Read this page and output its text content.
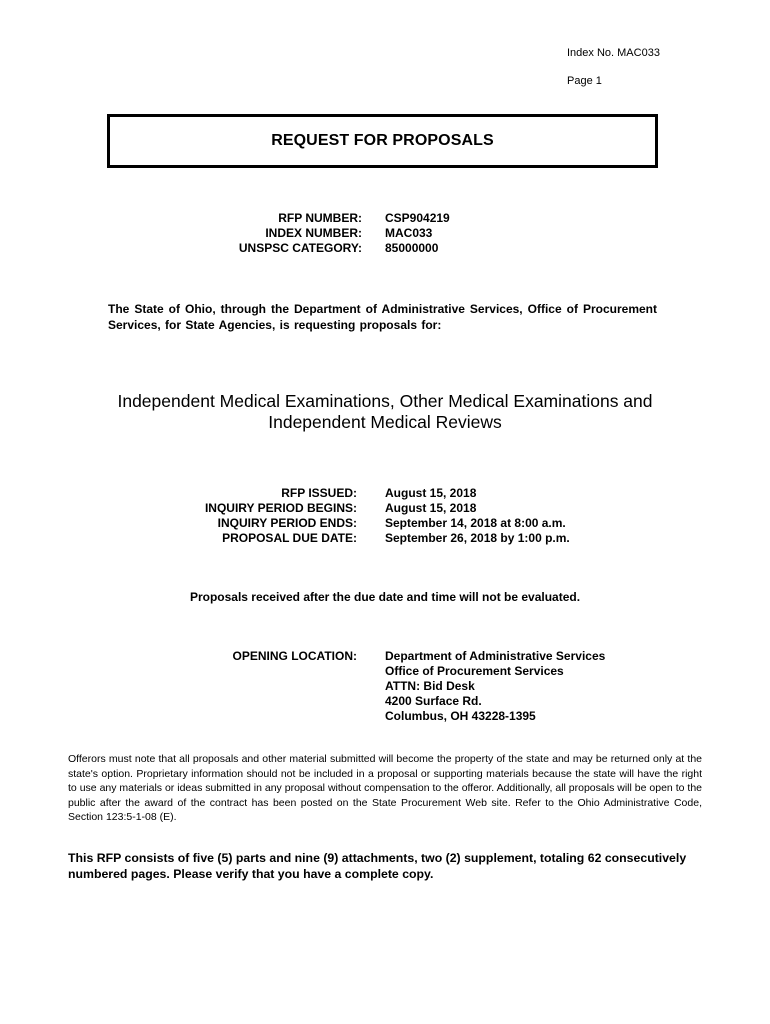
Index No. MAC033
Page 1
REQUEST FOR PROPOSALS
RFP NUMBER: CSP904219
INDEX NUMBER: MAC033
UNSPSC CATEGORY: 85000000
The State of Ohio, through the Department of Administrative Services, Office of Procurement Services, for State Agencies, is requesting proposals for:
Independent Medical Examinations, Other Medical Examinations and
Independent Medical Reviews
RFP ISSUED: August 15, 2018
INQUIRY PERIOD BEGINS: August 15, 2018
INQUIRY PERIOD ENDS: September 14, 2018 at 8:00 a.m.
PROPOSAL DUE DATE: September 26, 2018 by 1:00 p.m.
Proposals received after the due date and time will not be evaluated.
OPENING LOCATION: Department of Administrative Services
Office of Procurement Services
ATTN: Bid Desk
4200 Surface Rd.
Columbus, OH 43228-1395
Offerors must note that all proposals and other material submitted will become the property of the state and may be returned only at the state's option. Proprietary information should not be included in a proposal or supporting materials because the state will have the right to use any materials or ideas submitted in any proposal without compensation to the offeror. Additionally, all proposals will be open to the public after the award of the contract has been posted on the State Procurement Web site. Refer to the Ohio Administrative Code, Section 123:5-1-08 (E).
This RFP consists of five (5) parts and nine (9) attachments, two (2) supplement, totaling 62 consecutively numbered pages. Please verify that you have a complete copy.
